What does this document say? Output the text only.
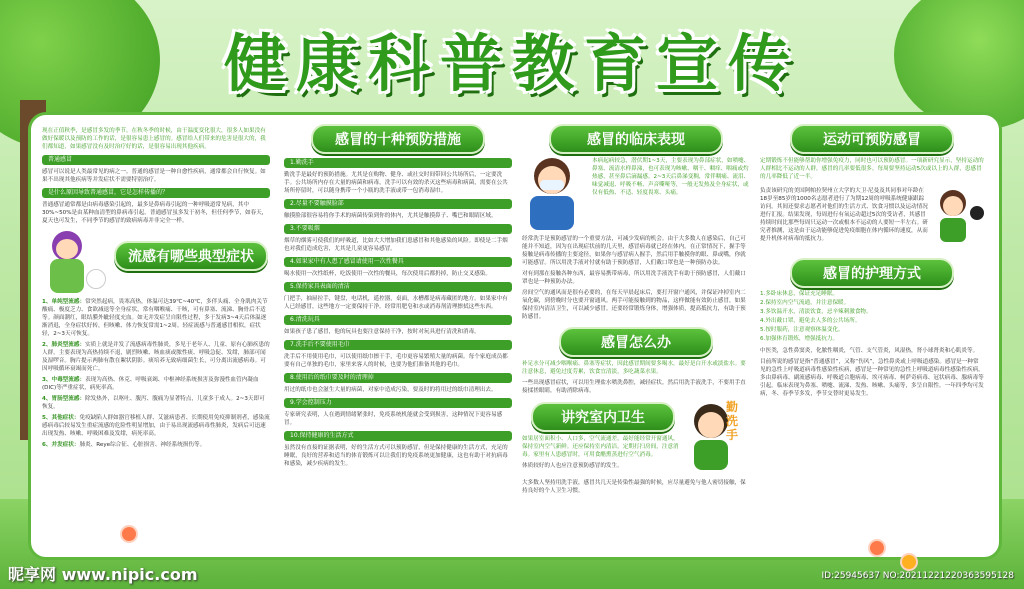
健康科普教育宣传
现在正值秋季，是感冒多发的季节。在秋冬季的时候，由于温度变化很大，很多人如果没有做好保暖以及预防的工作的话，是很容易患上感冒的。感冒给人们带来的危害是很大的，我们都知道，如果感冒没有及时治疗好的话，是很容易出现其他疾病。
普通感冒
感冒可以说是人类最常见的病之一。普通的感冒是一种自愈性疾病，通常都会自行恢复。如果不出现其他疾病等并发症状不需要特别治疗。
是什么原因导致普通感冒，它是怎样传播的？
普通感冒通常都是由病毒感染引起的，最多是鼻病毒引起的一种呼吸道常见病，其中30%~50%是由某种血清型的鼻病毒引起。普通感冒虽多发于初冬，但任何季节，如春天，夏天也可发生，不同季节的感冒的致病病毒并非完全一样。
流感有哪些典型症状
1、单纯型流感：常突然起病，畏寒高热，体温可达39℃~40℃，多伴头痛、全身肌肉关节酸痛、极度乏力、食欲减退等全身症状，常有咽喉痛、干咳，可有鼻塞、流涕、胸骨后不适等。颜面潮红，眼结膜外眦轻度充血。如无并发症呈自限性过程，多于发病3~4天后体温逐渐消退，全身症状好转，但咳嗽、体力恢复常需1~2周。轻症流感与普通感冒相似，症状轻，2~3天可恢复。
2、肺炎型流感：实质上就是并发了流感病毒性肺炎，多见于老年人、儿童、原有心肺疾患的人群。主要表现为高热持续不退，剧烈咳嗽、咳血痰或脓性痰、呼吸急促、发绀，肺部可闻及湿啰音。胸片提示两肺有散在絮状阴影。痰培养无致病细菌生长，可分离出流感病毒。可因呼吸循环衰竭而死亡。
3、中毒型流感：表现为高热、休克、呼吸衰竭、中枢神经系统损害及弥漫性血管内凝血(DIC)等严重症状，病死率高。
4、胃肠型流感：除发热外，以呕吐、腹泻、腹痛为显著特点，儿童多于成人。2~3天即可恢复。
5、其他症状：免疫缺陷人群如器官移植人群、艾滋病患者、长期使用免疫抑制剂者，感染流感病毒后较易发生重症流感的危险性明显增加，由于易出现流感病毒性肺炎，发病后可迅速出现发热、咳嗽、呼吸困难及发绀，病死率高。
6、并发症状：肺炎、Reye综合征、心脏损害、神经系统损伤等。
感冒的十种预防措施
1.勤洗手
勤洗手是最好的预防措施。尤其是在购物、健身、或社交时间带回公共场所后，一定要洗手。公共场所内存在大量的病菌和病毒，洗手可以有效的杀灭这些病毒和病菌，需要在公共场所停留时，可以随身携带一个小瓶的洗手液或带一包消毒湿巾。
2.尽量不要触摸脸部
触摸脸部很容易将你手术的病菌传染到你的体内，尤其是触摸鼻子、嘴巴和眼睛区域。
3.不要吸烟
烟草的烟雾可使我们的呼吸道，比如大大增加我们患感冒和其他感染的风险。即使是二手烟也对我们造成危害，尤其是儿童更容易感冒。
4.如果家中有人患了感冒请使用一次性餐具
喝水使用一次性纸杯，吃饭使用一次性的餐具，每次使用后都扔掉，防止交叉感染。
5.保持家具表面的清洁
门把手，抽屉拉手，键盘，电话机，遥控器，桌面，水槽都是病毒藏匿的地方。如果家中有人已经感冒，这些地方一定要保持干净。经常用肥皂和水或消毒剂清理擦拭这些东西。
6.清洗玩具
如果孩子患了感冒，他的玩具也要注意保持干净，按时对玩具进行清洗和消毒。
7.洗手后不要使用毛巾
洗手后不用使用毛巾，可以使用纸巾擦干手，毛巾更容易繁殖大量的病菌。每个家庭成员都要有自己单独的毛巾，家里来客人的时候，也要为他们准备其他的毛巾。
8.使用后的纸巾要及时的清理掉
用过的纸巾也会滋生大量的病菌，对家中造成污染，要及时的将用过的纸巾清理出去。
9.学会控制压力
专家研究表明，人在遇到情绪紧张时，免疫系统机能就会受到损害，这种情况下更容易感冒。
10.保持健康的生活方式
虽然没有直接的证据表明，好的生活方式可以预防感冒，但是保持健康的生活方式，充足的睡眠，良好的营养和适当的体育锻炼可以让我们的免疫系统更加健康，这也有助于对抗病毒和感染，减少疾病的发生。
感冒的临床表现
本病起病较急，潜伏期1~3天，主要表现为鼻部症状，如喷嚏、鼻塞、流清水样鼻涕，也可表现为咳嗽、咽干、咽痒、咽痛或灼热感，甚至鼻后滴漏感。2~3天后鼻涕变稠，常伴咽痛、流泪、味觉减退、呼吸不畅、声音嘶哑等，一般无发热及全身症状，或仅有低热、不适、轻度畏寒、头痛。
经常洗手是预防感冒的一个重要方法，可减少发病的机会。由于大多数人在感染后，自己可能并不知道，因为在出现症状前的几天里，感冒病毒就已经在体内。在正常情况下，握手等接触是病毒传播的主要途径，如果你与感冒病人握手，然后用手触摸你的眼、鼻或嘴，你就可能感冒。所以用洗手液对付就有助于预防感冒，人们戴口罩也是一种预防办法。
对有到那在接触各种东西，最容易携带病毒，所以用洗手液洗手有助于预防感冒，人们戴口罩也是一种预防办法。
房间空气的通风而是很有必要的，在每天早晨起床后，要打开窗户通风，并保证冲掉室内二氧化碳，到傍晚时分也要开窗通风。两手可能接触到的物品，这样做能有效防止感冒，如果保持室内清洁卫生，可以减少感冒。还要经常锻炼身体，增强体质，提高抵抗力，有助于预防感冒。
感冒怎么办
补足水分可减少咽喉痛、鼻塞等症状，因此感冒期间要多喝水，最好是白开水或淡盐水。要注意休息，避免过度劳累，饮食宜清淡，多吃蔬菜水果。
一些出现感冒症状，可以用生理盐水喷洗鼻腔，减轻症状。然后用洗手液洗手，不要用手直接揉搓眼睛，有助消除病毒。
讲究室内卫生
如果居室面积小、人口多，空气流通差，最好能经常开窗通风，保持室内空气新鲜。还应保持室内清洁，定期打扫房间，注意消毒。家里有人患感冒时，可用食醋熏蒸进行空气消毒。
体质较好的人也应注意预防感冒的发生。
勤洗手
大多数人坚持用洗手液，感冒共几天是传染性最强的时候，应尽量避免与他人密切接触，保持良好的个人卫生习惯。
运动可预防感冒
定期锻炼不但能够帮助你增强免疫力，同时也可以预防感冒。一项新研究显示，坚持运动的人群相比不运动的人群，感冒的几率要低很多。每周要坚持运动5次或以上的人群，患感冒的几率降低了近一半。
负责该研究的美国阿帕拉契州立大学的大卫·尼曼及其同事对年龄在18岁至85岁的1000名志愿者进行了为期12周的呼吸系统健康跟踪访问。其间还要求志愿者对他们的生活方式、饮食习惯以及运动情况进行汇报。结果发现，每周进行有氧运动超过5次的受访者，其感冒持续时间比那些每周只运动一次或根本不运动的人要短一半左右。研究者推测，这是由于运动能够促进免疫细胞在体内循环的速度，从而提升机体对病毒的抵抗力。
感冒的护理方式
1.多卧床休息，保证充足睡眠。
2.保持室内空气流通，并注意保暖。
3.多饮温开水，清淡饮食，忌辛辣刺激食物。
4.外出戴口罩，避免去人多的公共场所。
5.按时服药，注意观察体温变化。
6.加强体育锻炼，增强抵抗力。
中医类，急性鼻窦炎，化脓性咽炎，气管、支气管炎，风湿热，肾小球肾炎和心肌炎等。
目前所说的感冒是指“普通感冒”，又称“伤风”，急性鼻炎或上呼吸道感染。感冒是一种常见的急性上呼吸道病毒性感染性疾病，感冒是一种常见的急性上呼吸道病毒性感染性疾病，多由鼻病毒、副流感病毒、呼吸道合胞病毒、埃可病毒、柯萨奇病毒、冠状病毒、腺病毒等引起。临床表现为鼻塞、喷嚏、流涕、发热、咳嗽、头痛等，多呈自限性。一年四季均可发病，冬、春季节多发，季节交替时更易发生。
昵享网 www.nipic.com	ID:25945637 NO:20211221220363595128
